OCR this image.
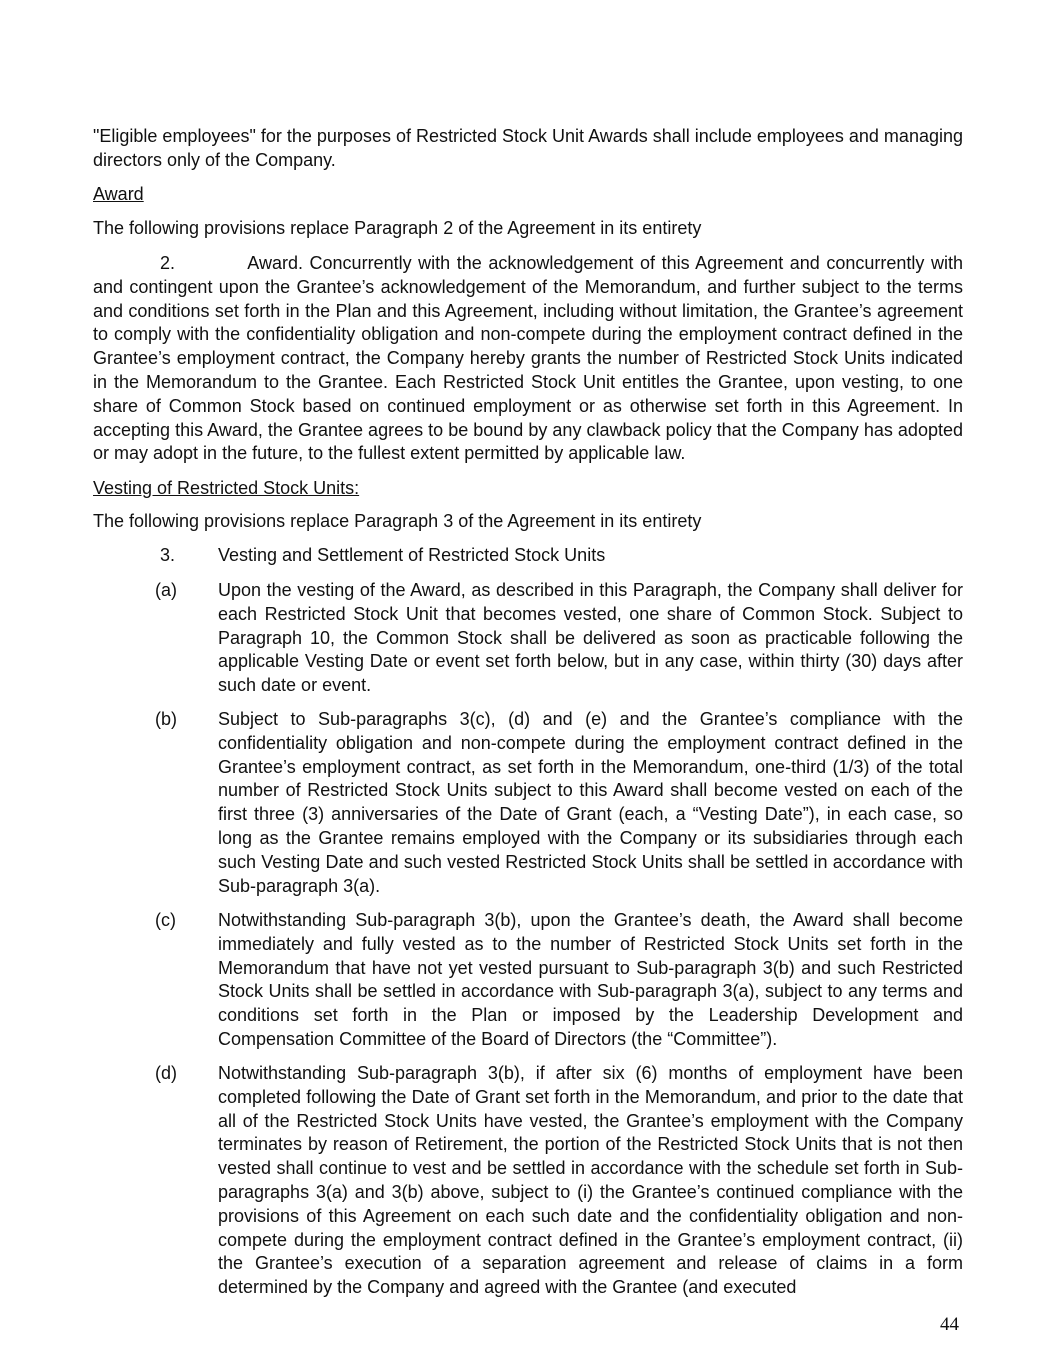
"Eligible employees" for the purposes of Restricted Stock Unit Awards shall include employees and managing directors only of the Company.

Award

The following provisions replace Paragraph 2 of the Agreement in its entirety

2.           Award. Concurrently with the acknowledgement of this Agreement and concurrently with and contingent upon the Grantee’s acknowledgement of the Memorandum, and further subject to the terms and conditions set forth in the Plan and this Agreement, including without limitation, the Grantee’s agreement to comply with the confidentiality obligation and non-compete during the employment contract defined in the Grantee’s employment contract, the Company hereby grants the number of Restricted Stock Units indicated in the Memorandum to the Grantee. Each Restricted Stock Unit entitles the Grantee, upon vesting, to one share of Common Stock based on continued employment or as otherwise set forth in this Agreement. In accepting this Award, the Grantee agrees to be bound by any clawback policy that the Company has adopted or may adopt in the future, to the fullest extent permitted by applicable law.

Vesting of Restricted Stock Units:

The following provisions replace Paragraph 3 of the Agreement in its entirety

3. Vesting and Settlement of Restricted Stock Units
(a) Upon the vesting of the Award, as described in this Paragraph, the Company shall deliver for each Restricted Stock Unit that becomes vested, one share of Common Stock. Subject to Paragraph 10, the Common Stock shall be delivered as soon as practicable following the applicable Vesting Date or event set forth below, but in any case, within thirty (30) days after such date or event.

(b) Subject to Sub-paragraphs 3(c), (d) and (e) and the Grantee’s compliance with the confidentiality obligation and non-compete during the employment contract defined in the Grantee’s employment contract, as set forth in the Memorandum, one-third (1/3) of the total number of Restricted Stock Units subject to this Award shall become vested on each of the first three (3) anniversaries of the Date of Grant (each, a “Vesting Date”), in each case, so long as the Grantee remains employed with the Company or its subsidiaries through each such Vesting Date and such vested Restricted Stock Units shall be settled in accordance with Sub-paragraph 3(a).

(c) Notwithstanding Sub-paragraph 3(b), upon the Grantee’s death, the Award shall become immediately and fully vested as to the number of Restricted Stock Units set forth in the Memorandum that have not yet vested pursuant to Sub-paragraph 3(b) and such Restricted Stock Units shall be settled in accordance with Sub-paragraph 3(a), subject to any terms and conditions set forth in the Plan or imposed by the Leadership Development and Compensation Committee of the Board of Directors (the “Committee”).

(d) Notwithstanding Sub-paragraph 3(b), if after six (6) months of employment have been completed following the Date of Grant set forth in the Memorandum, and prior to the date that all of the Restricted Stock Units have vested, the Grantee’s employment with the Company terminates by reason of Retirement, the portion of the Restricted Stock Units that is not then vested shall continue to vest and be settled in accordance with the schedule set forth in Sub-paragraphs 3(a) and 3(b) above, subject to (i) the Grantee’s continued compliance with the provisions of this Agreement on each such date and the confidentiality obligation and non-compete during the employment contract defined in the Grantee’s employment contract, (ii) the Grantee’s execution of a separation agreement and release of claims in a form determined by the Company and agreed with the Grantee (and executed

44
